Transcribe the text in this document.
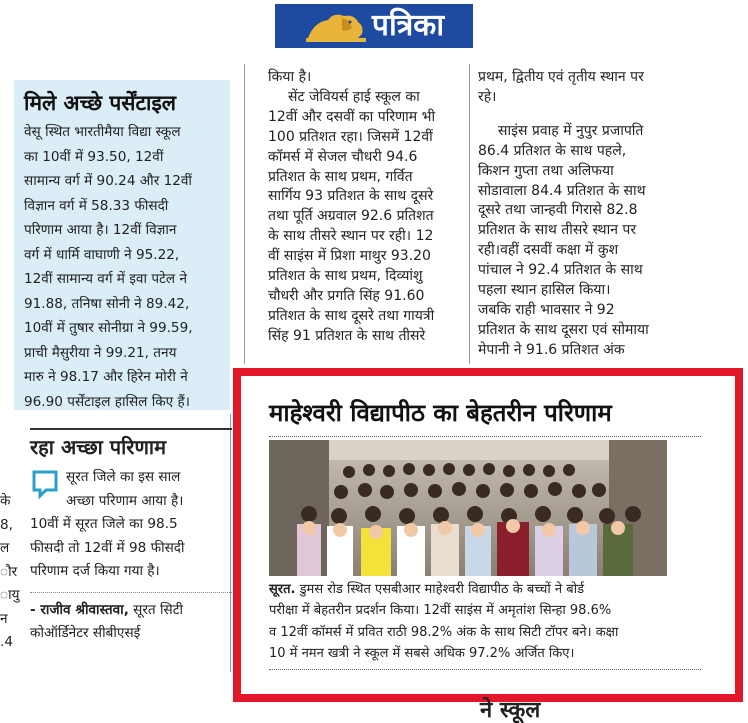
पत्रिका
मिले अच्छे पर्सेंटाइल
वेसू स्थित भारतीमैया विद्या स्कूल
का 10वीं में 93.50, 12वीं
सामान्य वर्ग में 90.24 और 12वीं
विज्ञान वर्ग में 58.33 फीसदी
परिणाम आया है। 12वीं विज्ञान
वर्ग में धार्मि वाघाणी ने 95.22,
12वीं सामान्य वर्ग में इवा पटेल ने
91.88, तनिषा सोनी ने 89.42,
10वीं में तुषार सोनीग्रा ने 99.59,
प्राची मैसुरीया ने 99.21, तनय
मारु ने 98.17 और हिरेन मोरी ने
96.90 पर्सेंटाइल हासिल किए हैं।

किया है।

सेंट जेवियर्स हाई स्कूल का

12वीं और दसवीं का परिणाम भी

100 प्रतिशत रहा। जिसमें 12वीं

कॉमर्स में सेजल चौधरी 94.6

प्रतिशत के साथ प्रथम, गर्वित

सार्गिय 93 प्रतिशत के साथ दूसरे

तथा पूर्ति अग्रवाल 92.6 प्रतिशत

के साथ तीसरे स्थान पर रही। 12

वीं साइंस में प्रिशा माथुर 93.20

प्रतिशत के साथ प्रथम, दिव्यांशु

चौधरी और प्रगति सिंह 91.60

प्रतिशत के साथ दूसरे तथा गायत्री

सिंह 91 प्रतिशत के साथ तीसरे

प्रथम, द्वितीय एवं तृतीय स्थान पर

रहे।

साइंस प्रवाह में नुपुर प्रजापति

86.4 प्रतिशत के साथ पहले,

किशन गुप्ता तथा अलिफया

सोडावाला 84.4 प्रतिशत के साथ

दूसरे तथा जान्हवी गिरासे 82.8

प्रतिशत के साथ तीसरे स्थान पर

रही।वहीं दसवीं कक्षा में कुश

पांचाल ने 92.4 प्रतिशत के साथ

पहला स्थान हासिल किया।

जबकि राही भावसार ने 92

प्रतिशत के साथ दूसरा एवं सोमाया

मेपानी ने 91.6 प्रतिशत अंक

के
8,
ल
ौर
ायु
न
.4
रहा अच्छा परिणाम
सूरत जिले का इस साल
अच्छा परिणाम आया है।
10वीं में सूरत जिले का 98.5
फीसदी तो 12वीं में 98 फीसदी
परिणाम दर्ज किया गया है।
- राजीव श्रीवास्तवा, सूरत सिटी
कोऑर्डिनेटर सीबीएसई
माहेश्वरी विद्यापीठ का बेहतरीन परिणाम
सूरत. डुमस रोड स्थित एसबीआर माहेश्वरी विद्यापीठ के बच्चों ने बोर्ड
परीक्षा में बेहतरीन प्रदर्शन किया। 12वीं साइंस में अमृतांश सिन्हा 98.6%
व 12वीं कॉमर्स में प्रवित राठी 98.2% अंक के साथ सिटी टॉपर बने। कक्षा
10 में नमन खत्री ने स्कूल में सबसे अधिक 97.2% अर्जित किए।
ने स्कूल
